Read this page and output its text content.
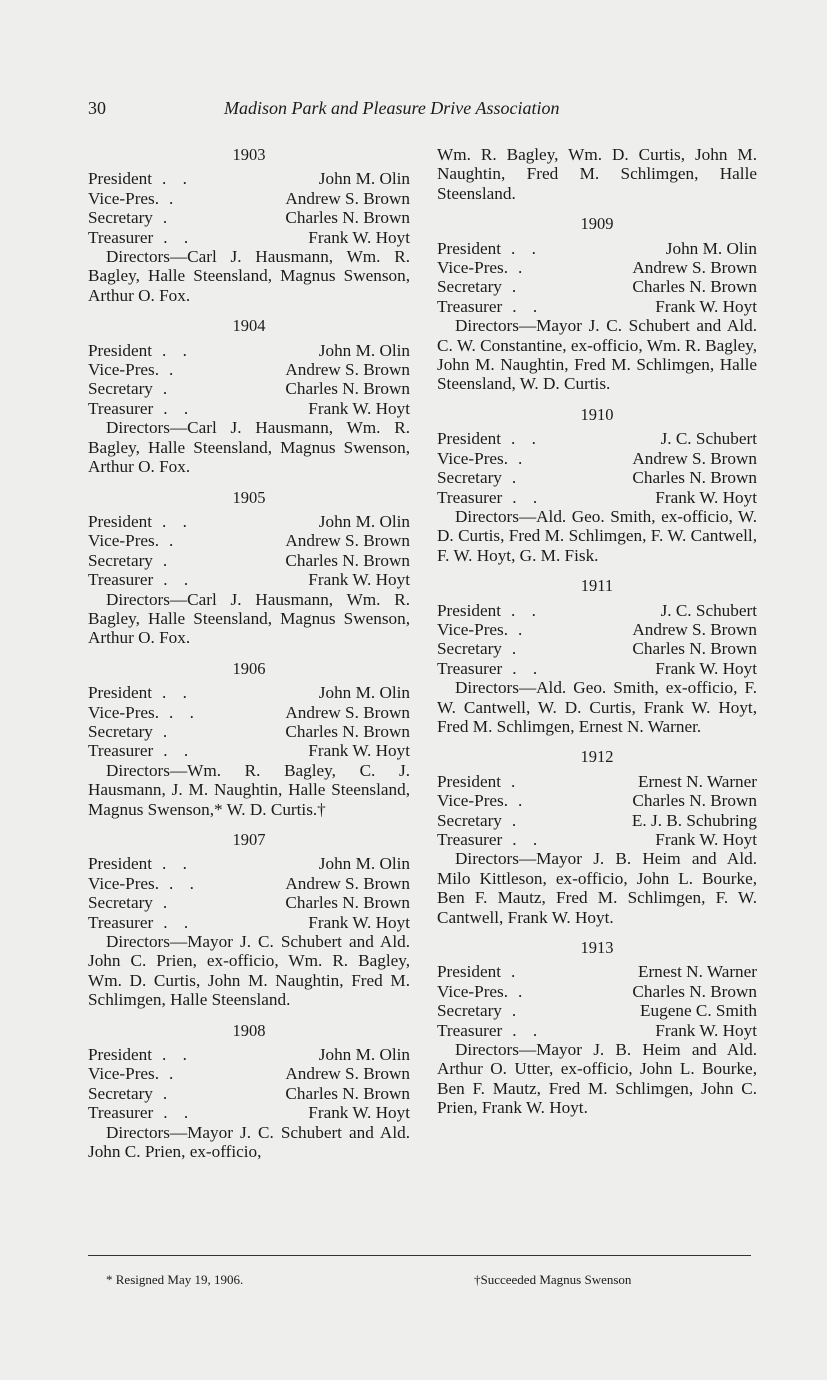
30	Madison Park and Pleasure Drive Association
1903
President . .	John M. Olin
Vice-Pres. .	Andrew S. Brown
Secretary .	Charles N. Brown
Treasurer . .	Frank W. Hoyt
Directors—Carl J. Hausmann, Wm. R. Bagley, Halle Steensland, Magnus Swenson, Arthur O. Fox.
1904
President . .	John M. Olin
Vice-Pres. .	Andrew S. Brown
Secretary .	Charles N. Brown
Treasurer . .	Frank W. Hoyt
Directors—Carl J. Hausmann, Wm. R. Bagley, Halle Steensland, Magnus Swenson, Arthur O. Fox.
1905
President . .	John M. Olin
Vice-Pres. .	Andrew S. Brown
Secretary .	Charles N. Brown
Treasurer . .	Frank W. Hoyt
Directors—Carl J. Hausmann, Wm. R. Bagley, Halle Steensland, Magnus Swenson, Arthur O. Fox.
1906
President . .	John M. Olin
Vice-Pres. . .	Andrew S. Brown
Secretary .	Charles N. Brown
Treasurer . .	Frank W. Hoyt
Directors—Wm. R. Bagley, C. J. Hausmann, J. M. Naughtin, Halle Steensland, Magnus Swenson,* W. D. Curtis.†
1907
President . .	John M. Olin
Vice-Pres. . .	Andrew S. Brown
Secretary .	Charles N. Brown
Treasurer . .	Frank W. Hoyt
Directors—Mayor J. C. Schubert and Ald. John C. Prien, ex-officio, Wm. R. Bagley, Wm. D. Curtis, John M. Naughtin, Fred M. Schlimgen, Halle Steensland.
1908
President . .	John M. Olin
Vice-Pres. .	Andrew S. Brown
Secretary .	Charles N. Brown
Treasurer . .	Frank W. Hoyt
Directors—Mayor J. C. Schubert and Ald. John C. Prien, ex-officio,
Wm. R. Bagley, Wm. D. Curtis, John M. Naughtin, Fred M. Schlimgen, Halle Steensland.
1909
President . .	John M. Olin
Vice-Pres. .	Andrew S. Brown
Secretary .	Charles N. Brown
Treasurer . .	Frank W. Hoyt
Directors—Mayor J. C. Schubert and Ald. C. W. Constantine, ex-officio, Wm. R. Bagley, John M. Naughtin, Fred M. Schlimgen, Halle Steensland, W. D. Curtis.
1910
President . .	J. C. Schubert
Vice-Pres. .	Andrew S. Brown
Secretary .	Charles N. Brown
Treasurer . .	Frank W. Hoyt
Directors—Ald. Geo. Smith, ex-officio, W. D. Curtis, Fred M. Schlimgen, F. W. Cantwell, F. W. Hoyt, G. M. Fisk.
1911
President . .	J. C. Schubert
Vice-Pres. .	Andrew S. Brown
Secretary .	Charles N. Brown
Treasurer . .	Frank W. Hoyt
Directors—Ald. Geo. Smith, ex-officio, F. W. Cantwell, W. D. Curtis, Frank W. Hoyt, Fred M. Schlimgen, Ernest N. Warner.
1912
President .	Ernest N. Warner
Vice-Pres. .	Charles N. Brown
Secretary .	E. J. B. Schubring
Treasurer . .	Frank W. Hoyt
Directors—Mayor J. B. Heim and Ald. Milo Kittleson, ex-officio, John L. Bourke, Ben F. Mautz, Fred M. Schlimgen, F. W. Cantwell, Frank W. Hoyt.
1913
President .	Ernest N. Warner
Vice-Pres. .	Charles N. Brown
Secretary .	Eugene C. Smith
Treasurer . .	Frank W. Hoyt
Directors—Mayor J. B. Heim and Ald. Arthur O. Utter, ex-officio, John L. Bourke, Ben F. Mautz, Fred M. Schlimgen, John C. Prien, Frank W. Hoyt.
* Resigned May 19, 1906.	†Succeeded Magnus Swenson
